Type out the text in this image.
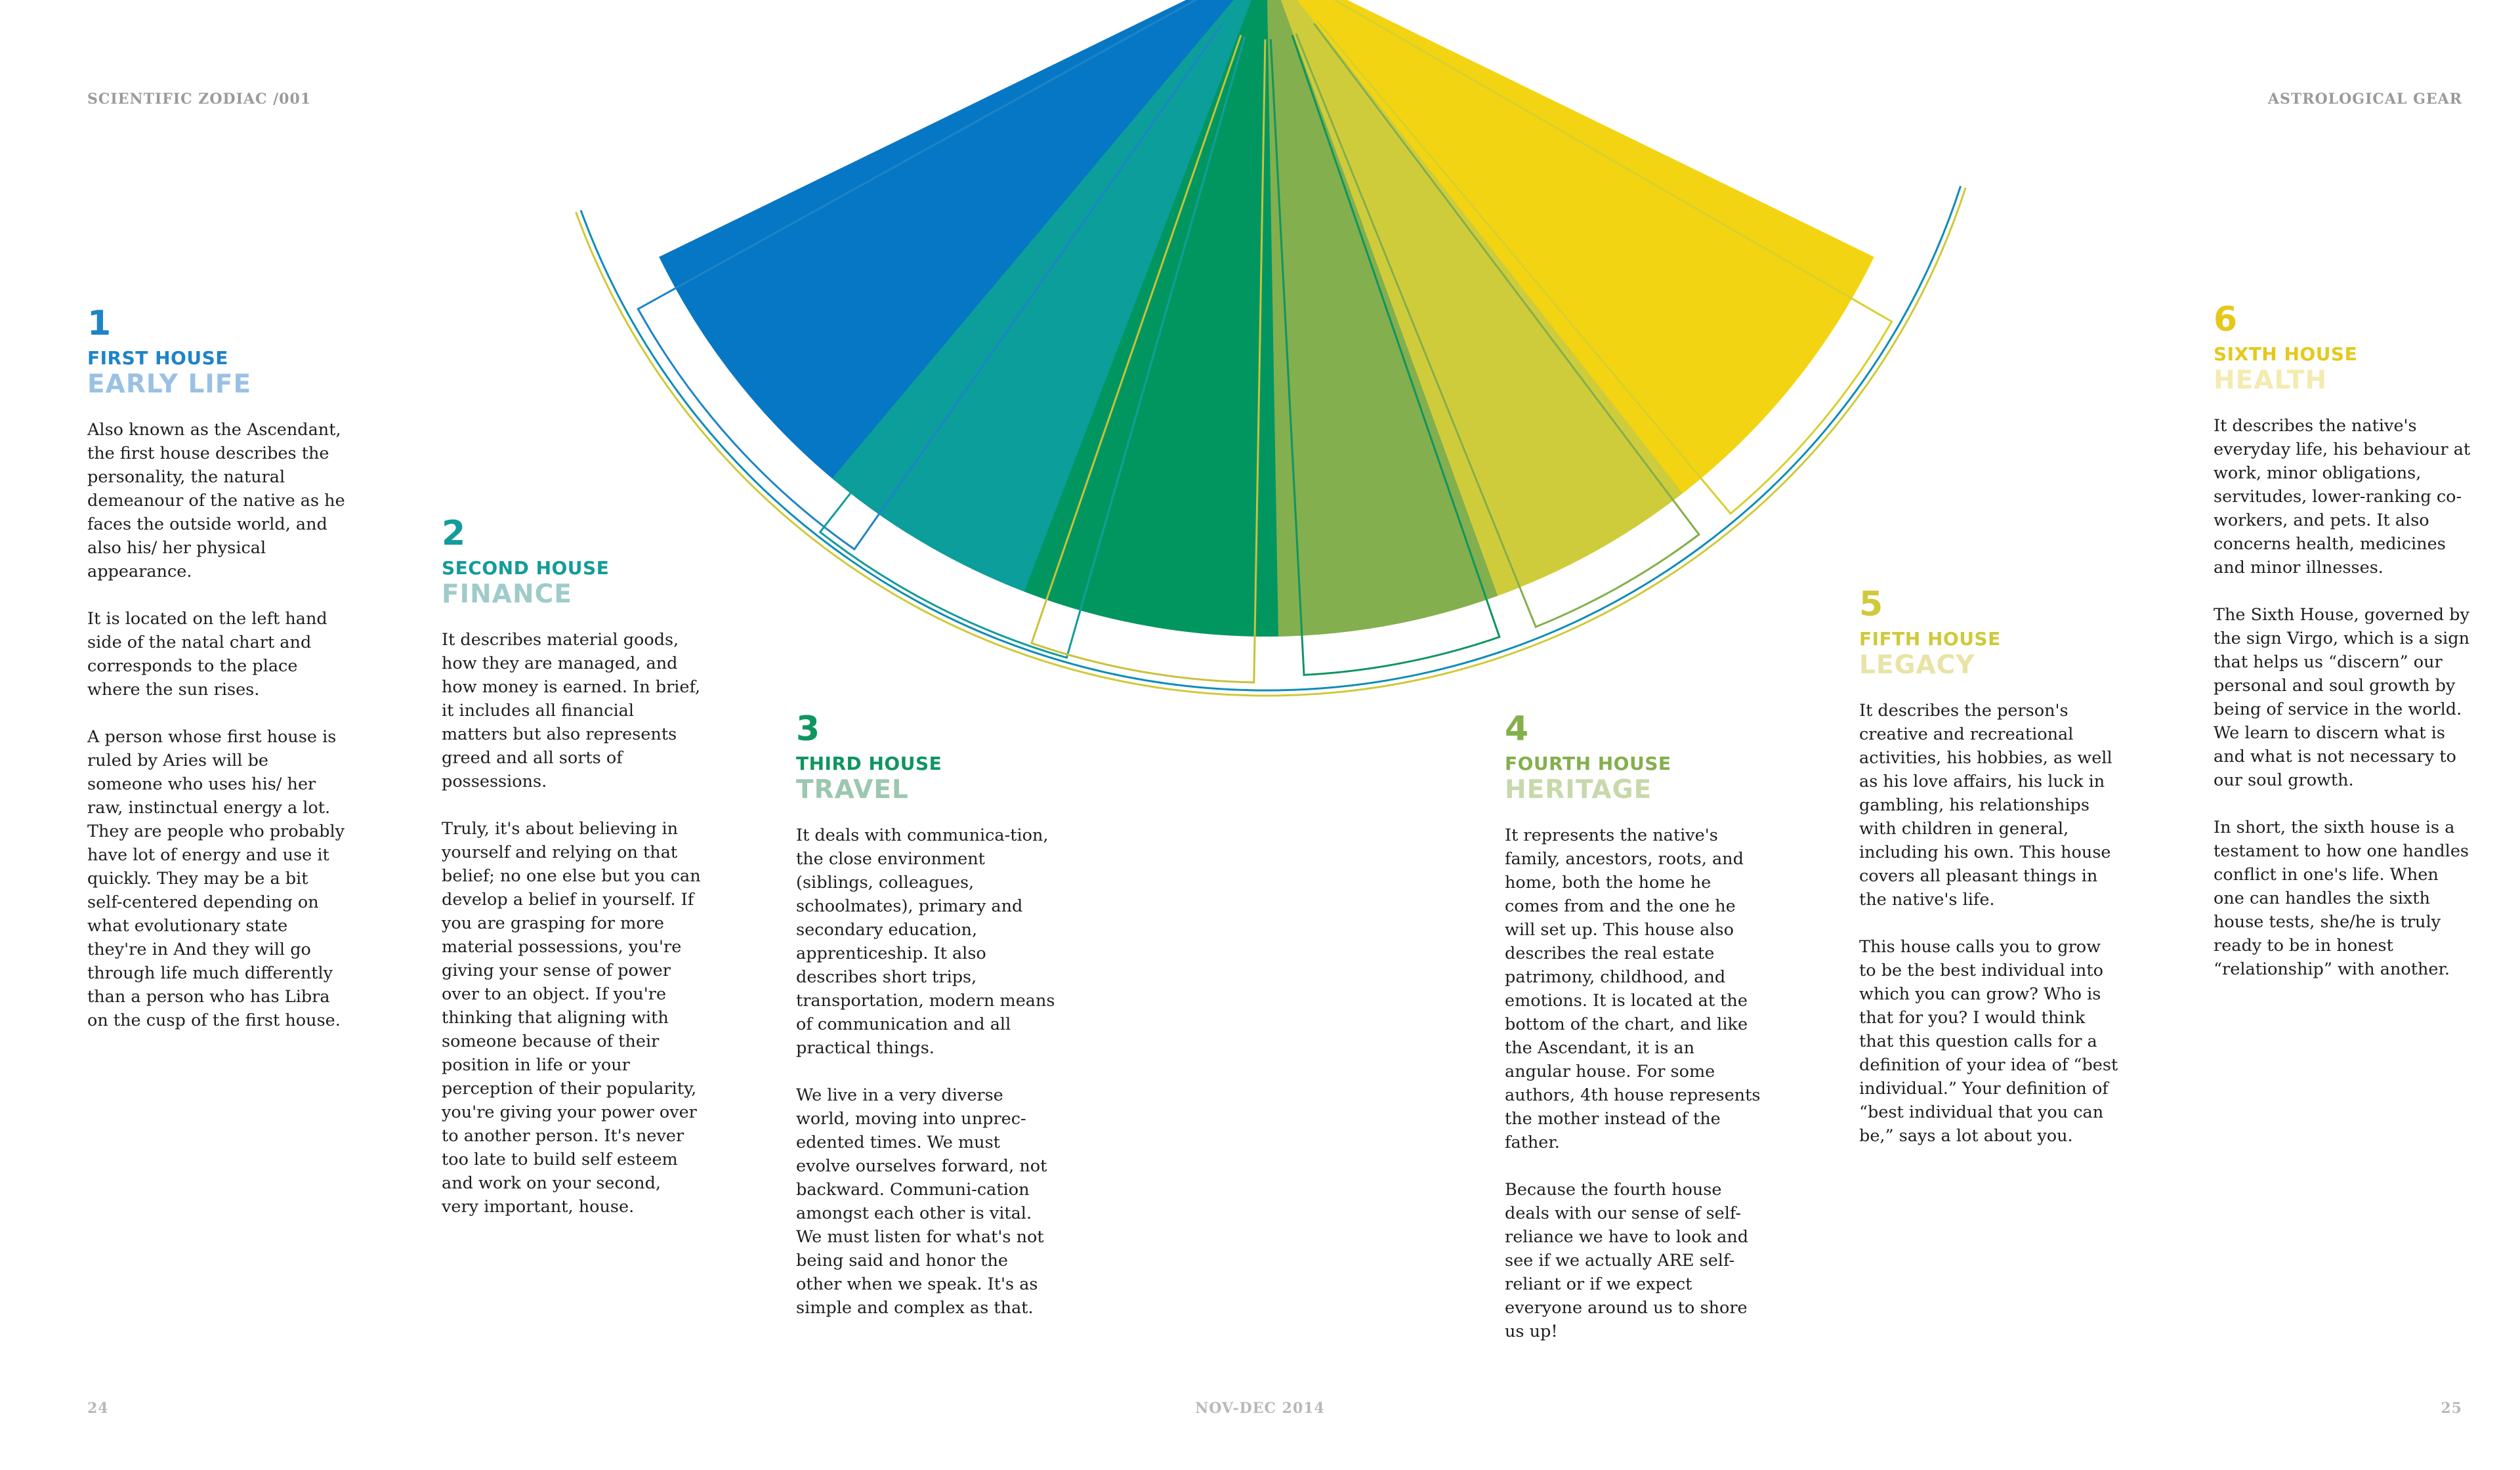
SCIENTIFIC ZODIAC /001	ASTROLOGICAL GEAR
1
FIRST HOUSE
EARLY LIFE

Also known as the Ascendant, the first house describes the personality, the natural demeanour of the native as he faces the outside world, and also his/ her physical appearance.

It is located on the left hand side of the natal chart and corresponds to the place where the sun rises.

A person whose first house is ruled by Aries will be someone who uses his/ her raw, instinctual energy a lot. They are people who probably have lot of energy and use it quickly. They may be a bit self-centered depending on what evolutionary state they're in And they will go through life much differently than a person who has Libra on the cusp of the first house.

2
SECOND HOUSE
FINANCE

It describes material goods, how they are managed, and how money is earned. In brief, it includes all financial matters but also represents greed and all sorts of possessions.

Truly, it's about believing in yourself and relying on that belief; no one else but you can develop a belief in yourself. If you are grasping for more material possessions, you're giving your sense of power over to an object. If you're thinking that aligning with someone because of their position in life or your perception of their popularity, you're giving your power over to another person. It's never too late to build self esteem and work on your second, very important, house.

3
THIRD HOUSE
TRAVEL

It deals with communica-tion, the close environment (siblings, colleagues, schoolmates), primary and secondary education, apprenticeship. It also describes short trips, transportation, modern means of communication and all practical things.

We live in a very diverse world, moving into unprec-edented times. We must evolve ourselves forward, not backward. Communi-cation amongst each other is vital. We must listen for what's not being said and honor the other when we speak. It's as simple and complex as that.

4
FOURTH HOUSE
HERITAGE

It represents the native's family, ancestors, roots, and home, both the home he comes from and the one he will set up. This house also describes the real estate patrimony, childhood, and emotions. It is located at the bottom of the chart, and like the Ascendant, it is an angular house. For some authors, 4th house represents the mother instead of the father.

Because the fourth house deals with our sense of self-reliance we have to look and see if we actually ARE self-reliant or if we expect everyone around us to shore us up!

5
FIFTH HOUSE
LEGACY

It describes the person's creative and recreational activities, his hobbies, as well as his love affairs, his luck in gambling, his relationships with children in general, including his own. This house covers all pleasant things in the native's life.

This house calls you to grow to be the best individual into which you can grow? Who is that for you? I would think that this question calls for a definition of your idea of “best individual.” Your definition of “best individual that you can be,” says a lot about you.

6
SIXTH HOUSE
HEALTH

It describes the native's everyday life, his behaviour at work, minor obligations, servitudes, lower-ranking co-workers, and pets. It also concerns health, medicines and minor illnesses.

The Sixth House, governed by the sign Virgo, which is a sign that helps us “discern” our personal and soul growth by being of service in the world. We learn to discern what is and what is not necessary to our soul growth.

In short, the sixth house is a testament to how one handles conflict in one's life. When one can handles the sixth house tests, she/he is truly ready to be in honest “relationship” with another.

24	NOV-DEC 2014	25
